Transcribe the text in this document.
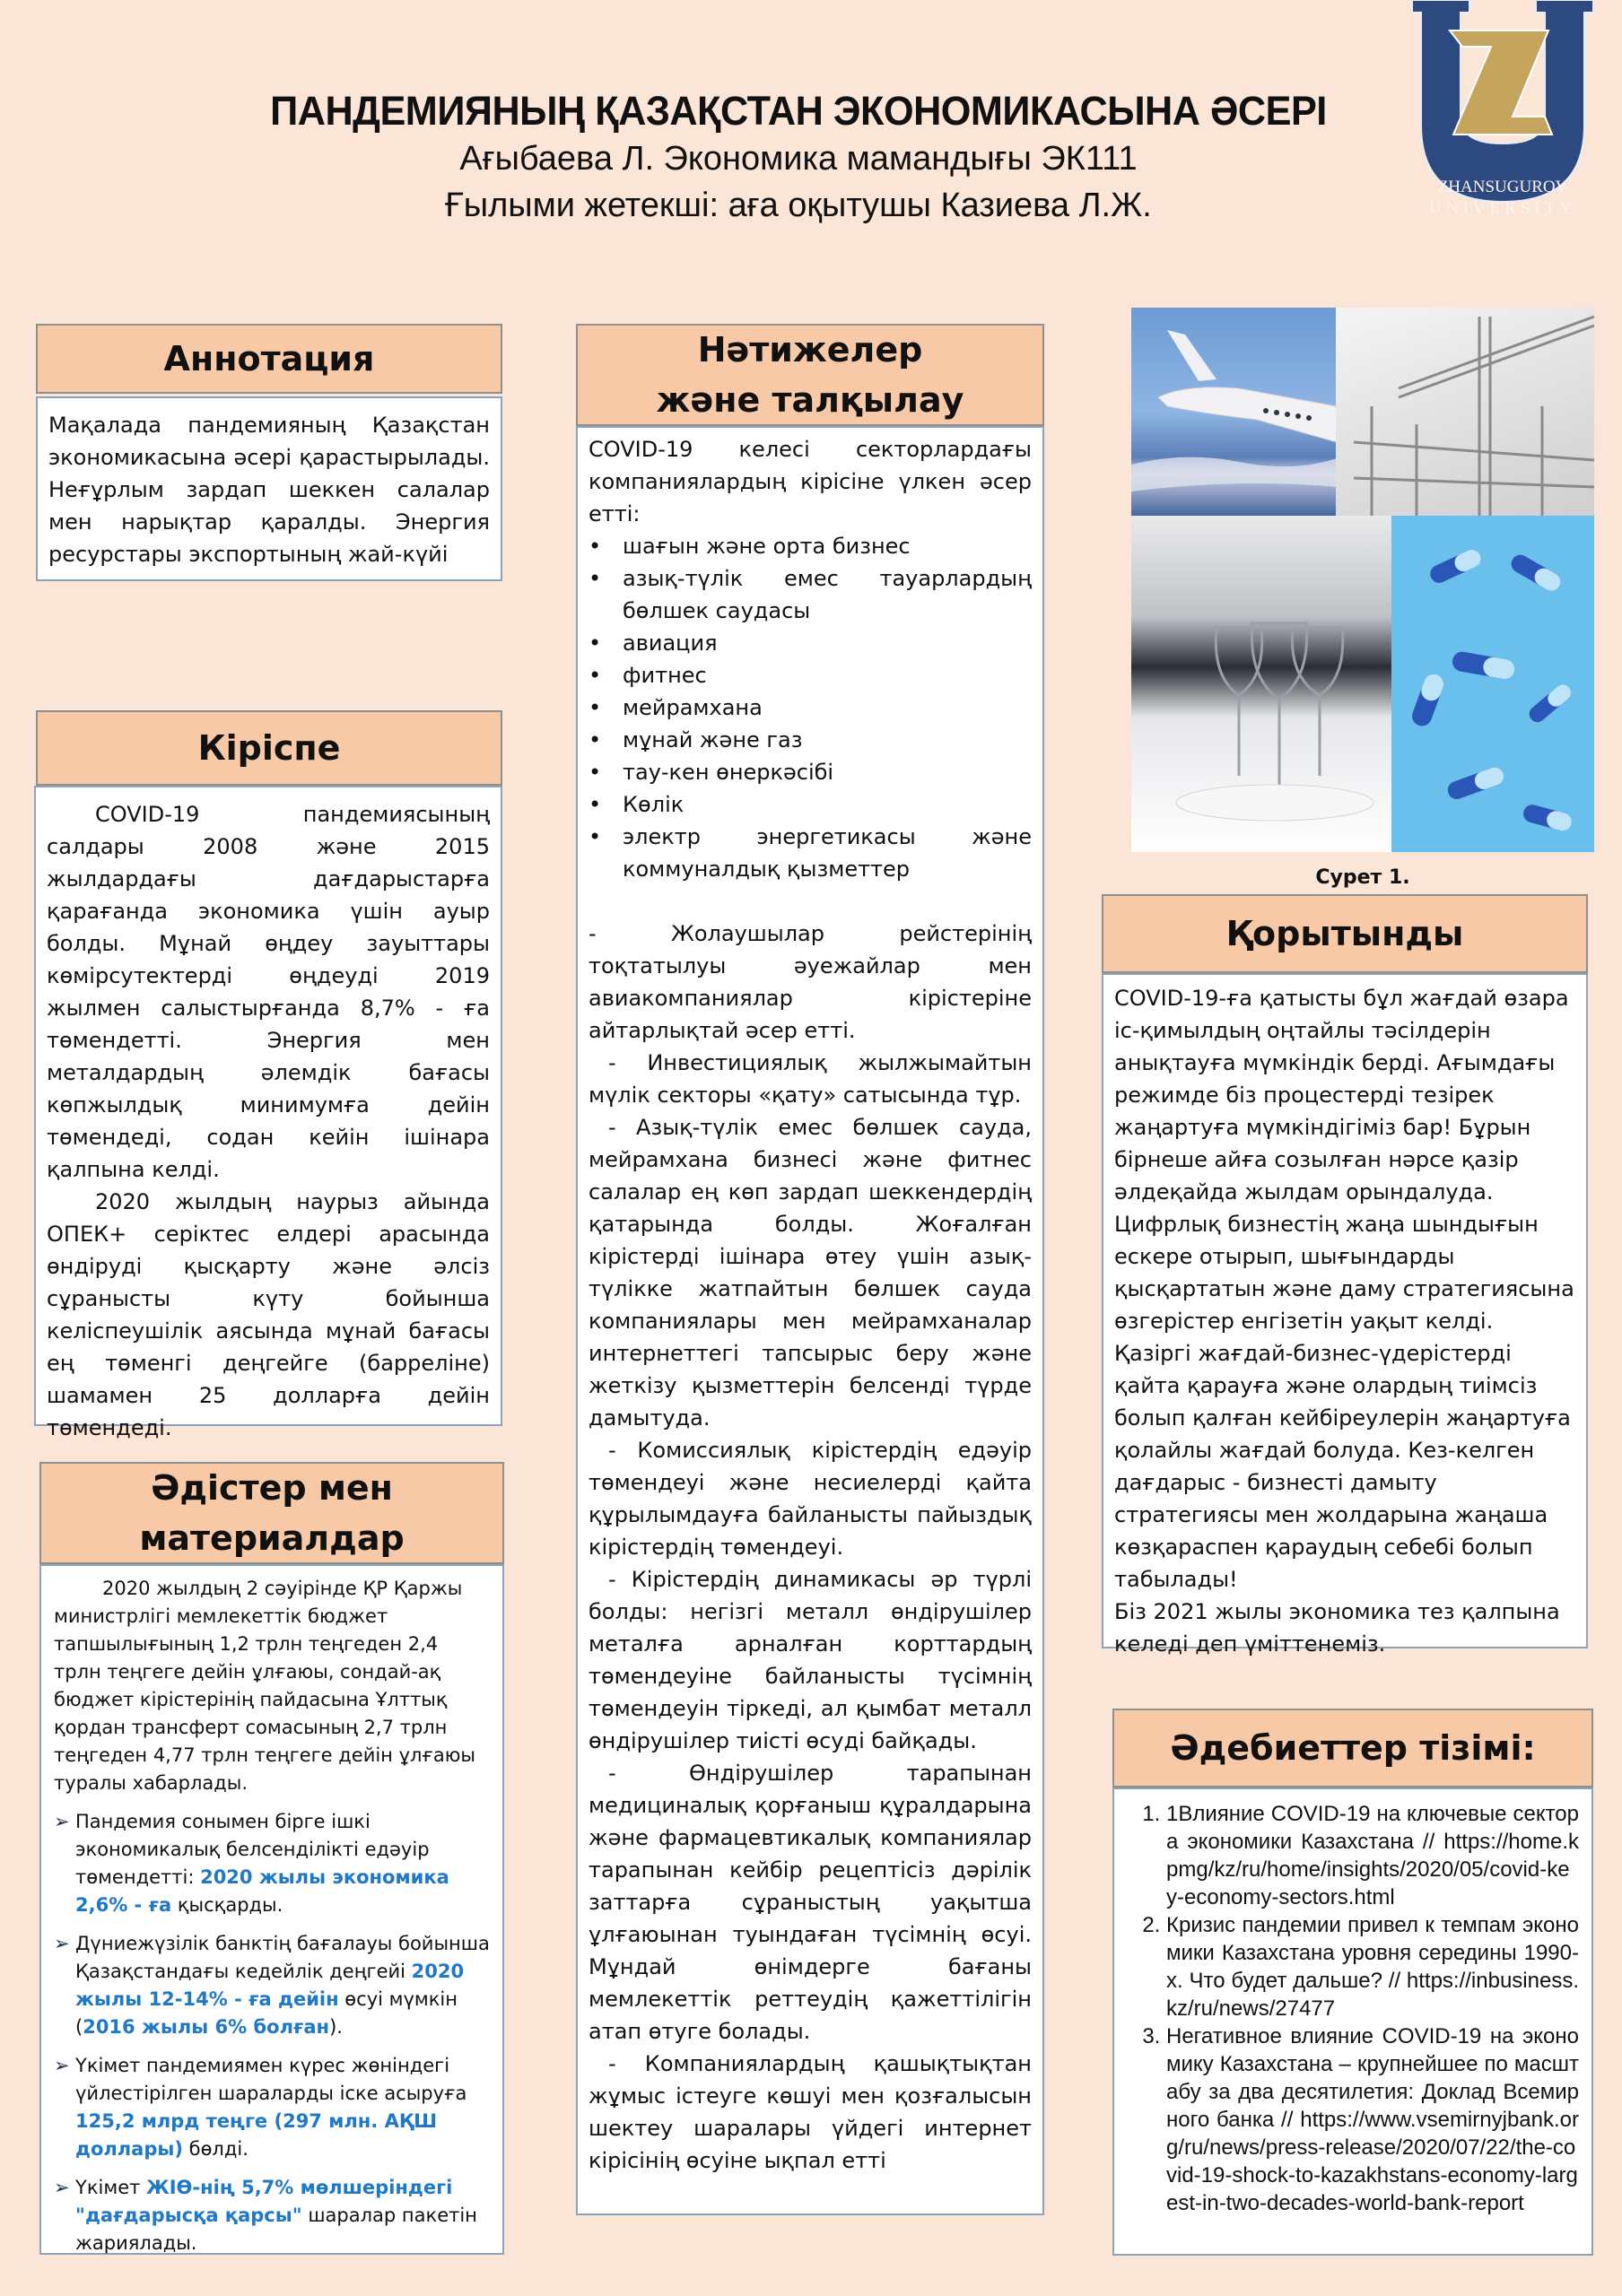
ПАНДЕМИЯНЫҢ ҚАЗАҚСТАН ЭКОНОМИКАСЫНА ӘСЕРІ
Ағыбаева Л. Экономика мамандығы ЭК111
Ғылыми жетекші: аға оқытушы Казиева Л.Ж.	ZHANSUGUROV
UNIVERSITY
Аннотация

Мақалада пандемияның Қазақстан экономикасына әсері қарастырылады. Неғұрлым зардап шеккен салалар мен нарықтар қаралды. Энергия ресурстары экспортының жай-күйі

Кіріспе

COVID-19 пандемиясының салдары 2008 және 2015 жылдардағы дағдарыстарға қарағанда экономика үшін ауыр болды. Мұнай өңдеу зауыттары көмірсутектерді өңдеуді 2019 жылмен салыстырғанда 8,7% - ға төмендетті. Энергия мен металдардың әлемдік бағасы көпжылдық минимумға дейін төмендеді, содан кейін ішінара қалпына келді.

2020 жылдың наурыз айында ОПЕК+ серіктес елдері арасында өндіруді қысқарту және әлсіз сұранысты күту бойынша келіспеушілік аясында мұнай бағасы ең төменгі деңгейге (баррелiне) шамамен 25 долларға дейін төмендеді.

Әдістер мен материалдар

2020 жылдың 2 сәуірінде ҚР Қаржы министрлігі мемлекеттік бюджет тапшылығының 1,2 трлн теңгеден 2,4 трлн теңгеге дейін ұлғаюы, сондай-ақ бюджет кірістерінің пайдасына Ұлттық қордан трансферт сомасының 2,7 трлн теңгеден 4,77 трлн теңгеге дейін ұлғаюы туралы хабарлады.

➢ Пандемия сонымен бірге ішкі экономикалық белсенділікті едәуір төмендетті: 2020 жылы экономика 2,6% - ға қысқарды.
➢ Дүниежүзілік банктің бағалауы бойынша Қазақстандағы кедейлік деңгейі 2020 жылы 12-14% - ға дейін өсуі мүмкін (2016 жылы 6% болған).
➢ Үкімет пандемиямен күрес жөніндегі үйлестірілген шараларды іске асыруға 125,2 млрд теңге (297 млн. АҚШ доллары) бөлді.
➢ Үкімет ЖІӨ-нің 5,7% мөлшеріндегі "дағдарысқа қарсы" шаралар пакетін жариялады.
Нәтижелер және талқылау

COVID-19 келесі секторлардағы компаниялардың кірісіне үлкен әсер етті:

• шағын және орта бизнес
• азық-түлік емес тауарлардың бөлшек саудасы
• авиация
• фитнес
• мейрамхана
• мұнай және газ
• тау-кен өнеркәсібі
• Көлік
• электр энергетикасы және коммуналдық қызметтер

- Жолаушылар рейстерінің тоқтатылуы әуежайлар мен авиакомпаниялар кірістеріне айтарлықтай әсер етті.

- Инвестициялық жылжымайтын мүлік секторы «қату» сатысында тұр.

- Азық-түлік емес бөлшек сауда, мейрамхана бизнесі және фитнес салалар ең көп зардап шеккендердің қатарында болды. Жоғалған кірістерді ішінара өтеу үшін азық-түлікке жатпайтын бөлшек сауда компаниялары мен мейрамханалар интернеттегі тапсырыс беру және жеткізу қызметтерін белсенді түрде дамытуда.

- Комиссиялық кірістердің едәуір төмендеуі және несиелерді қайта құрылымдауға байланысты пайыздық кірістердің төмендеуі.

- Кірістердің динамикасы әр түрлі болды: негізгі металл өндірушілер металға арналған корттардың төмендеуіне байланысты түсімнің төмендеуін тіркеді, ал қымбат металл өндірушілер тиісті өсуді байқады.

- Өндірушілер тарапынан медициналық қорғаныш құралдарына және фармацевтикалық компаниялар тарапынан кейбір рецептісіз дәрілік заттарға сұраныстың уақытша ұлғаюынан туындаған түсімнің өсуі. Мұндай өнімдерге бағаны мемлекеттік реттеудің қажеттілігін атап өтуге болады.

- Компаниялардың қашықтықтан жұмыс істеуге көшуі мен қозғалысын шектеу шаралары үйдегі интернет кірісінің өсуіне ықпал етті

Сурет 1.
Қорытынды

COVID-19-ға қатысты бұл жағдай өзара іс-қимылдың оңтайлы тәсілдерін анықтауға мүмкіндік берді. Ағымдағы режимде біз процестерді тезірек жаңартуға мүмкіндігіміз бар! Бұрын бірнеше айға созылған нәрсе қазір әлдеқайда жылдам орындалуда. Цифрлық бизнестің жаңа шындығын ескере отырып, шығындарды қысқартатын және даму стратегиясына өзгерістер енгізетін уақыт келді. Қазіргі жағдай-бизнес-үдерістерді қайта қарауға және олардың тиімсіз болып қалған кейбіреулерін жаңартуға қолайлы жағдай болуда. Кез-келген дағдарыс - бизнесті дамыту стратегиясы мен жолдарына жаңаша көзқараспен қараудың себебі болып табылады!

Біз 2021 жылы экономика тез қалпына келеді деп үміттенеміз.

Әдебиеттер тізімі:
1. 1Влияние COVID-19 на ключевые сектора экономики Казахстана // https://home.kpmg/kz/ru/home/insights/2020/05/covid-key-economy-sectors.html
2. Кризис пандемии привел к темпам экономики Казахстана уровня середины 1990-х. Что будет дальше? // https://inbusiness.kz/ru/news/27477
3. Негативное влияние COVID-19 на экономику Казахстана – крупнейшее по масштабу за два десятилетия: Доклад Всемирного банка // https://www.vsemirnyjbank.org/ru/news/press-release/2020/07/22/the-covid-19-shock-to-kazakhstans-economy-largest-in-two-decades-world-bank-report
